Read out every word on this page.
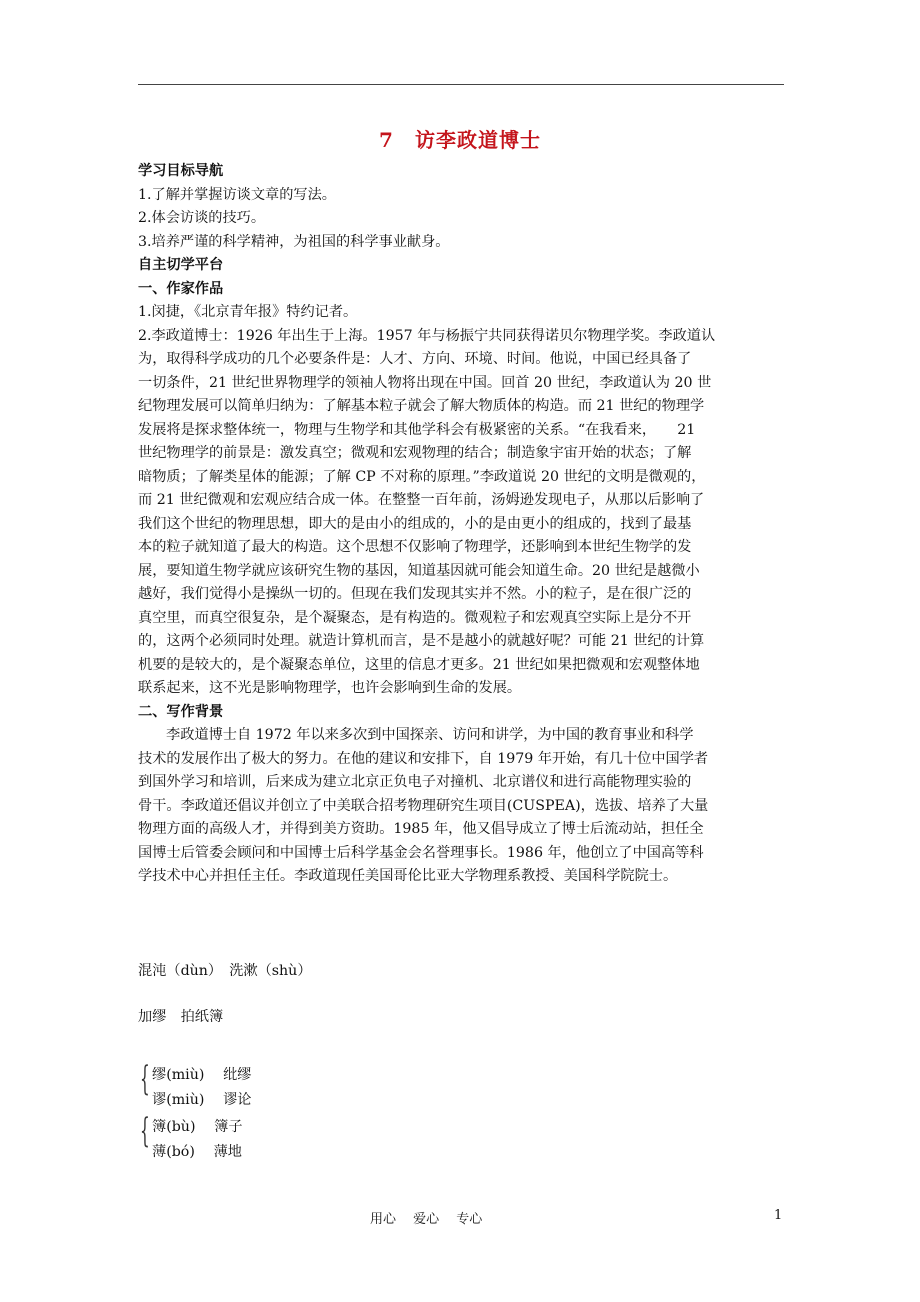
7　访李政道博士
学习目标导航
1.了解并掌握访谈文章的写法。
2.体会访谈的技巧。
3.培养严谨的科学精神，为祖国的科学事业献身。
自主切学平台
一、作家作品
1.闵捷，《北京青年报》特约记者。
2.李政道博士：1926 年出生于上海。1957 年与杨振宁共同获得诺贝尔物理学奖。李政道认
为，取得科学成功的几个必要条件是：人才、方向、环境、时间。他说，中国已经具备了
一切条件，21 世纪世界物理学的领袖人物将出现在中国。回首 20 世纪，李政道认为 20 世
纪物理发展可以简单归纳为：了解基本粒子就会了解大物质体的构造。而 21 世纪的物理学
发展将是探求整体统一，物理与生物学和其他学科会有极紧密的关系。“在我看来，　　21
世纪物理学的前景是：激发真空；微观和宏观物理的结合；制造象宇宙开始的状态；了解
暗物质；了解类星体的能源；了解 CP 不对称的原理。”李政道说 20 世纪的文明是微观的，
而 21 世纪微观和宏观应结合成一体。在整整一百年前，汤姆逊发现电子，从那以后影响了
我们这个世纪的物理思想，即大的是由小的组成的，小的是由更小的组成的，找到了最基
本的粒子就知道了最大的构造。这个思想不仅影响了物理学，还影响到本世纪生物学的发
展，要知道生物学就应该研究生物的基因，知道基因就可能会知道生命。20 世纪是越微小
越好，我们觉得小是操纵一切的。但现在我们发现其实并不然。小的粒子，是在很广泛的
真空里，而真空很复杂，是个凝聚态，是有构造的。微观粒子和宏观真空实际上是分不开
的，这两个必须同时处理。就造计算机而言，是不是越小的就越好呢？可能 21 世纪的计算
机要的是较大的，是个凝聚态单位，这里的信息才更多。21 世纪如果把微观和宏观整体地
联系起来，这不光是影响物理学，也许会影响到生命的发展。
二、写作背景
李政道博士自 1972 年以来多次到中国探亲、访问和讲学，为中国的教育事业和科学
技术的发展作出了极大的努力。在他的建议和安排下，自 1979 年开始，有几十位中国学者
到国外学习和培训，后来成为建立北京正负电子对撞机、北京谱仪和进行高能物理实验的
骨干。李政道还倡议并创立了中美联合招考物理研究生项目(CUSPEA)，选拔、培养了大量
物理方面的高级人才，并得到美方资助。1985 年，他又倡导成立了博士后流动站，担任全
国博士后管委会顾问和中国博士后科学基金会名誉理事长。1986 年，他创立了中国高等科
学技术中心并担任主任。李政道现任美国哥伦比亚大学物理系教授、美国科学院院士。
混沌（dùn）　洗漱（shù）
加缪　拍纸簿
{ 缪(miù)　 纰缪
谬(miù)　 谬论
{ 簿(bù)　 簿子
薄(bó)　 薄地
用心　 爱心　 专心	1
